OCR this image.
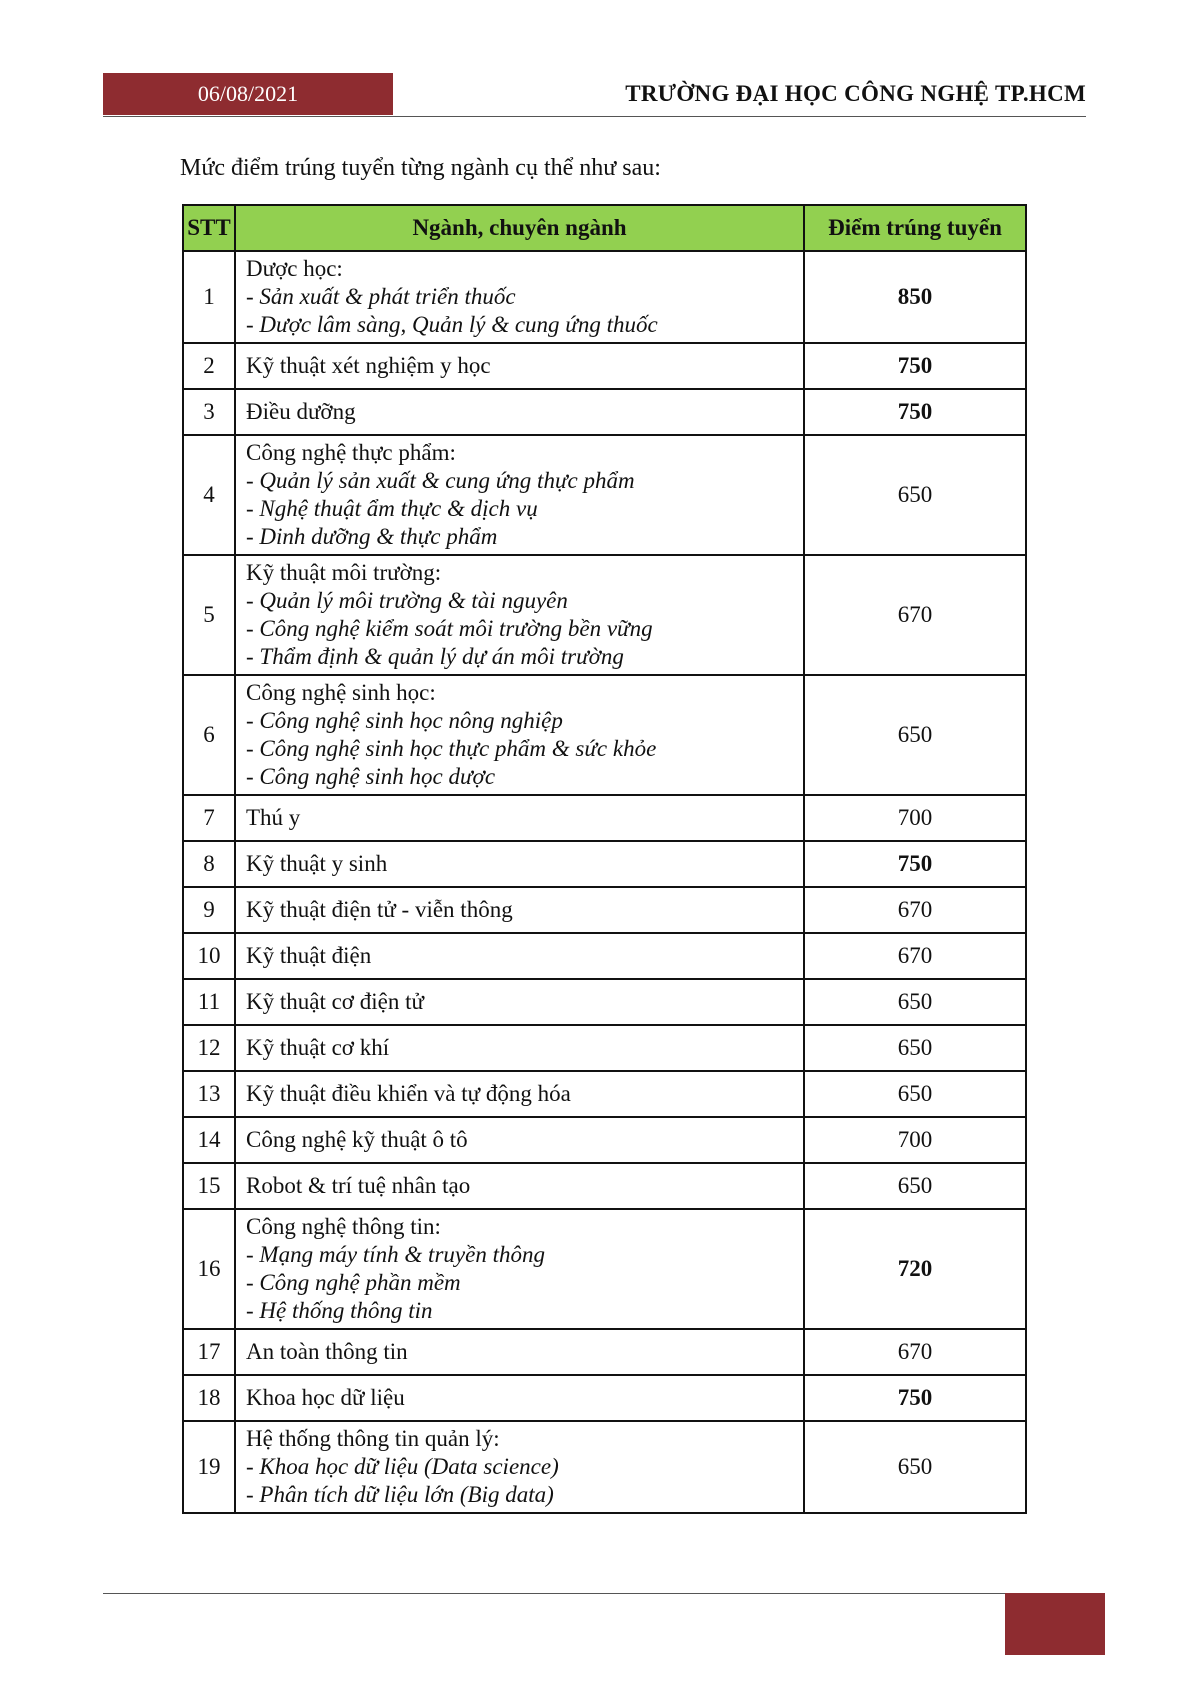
06/08/2021	TRƯỜNG ĐẠI HỌC CÔNG NGHỆ TP.HCM
Mức điểm trúng tuyển từng ngành cụ thể như sau:
STT	Ngành, chuyên ngành	Điểm trúng tuyển
1	Dược học:
- Sản xuất & phát triển thuốc
- Dược lâm sàng, Quản lý & cung ứng thuốc	850
2	Kỹ thuật xét nghiệm y học	750
3	Điều dưỡng	750
4	Công nghệ thực phẩm:
- Quản lý sản xuất & cung ứng thực phẩm
- Nghệ thuật ẩm thực & dịch vụ
- Dinh dưỡng & thực phẩm	650
5	Kỹ thuật môi trường:
- Quản lý môi trường & tài nguyên
- Công nghệ kiểm soát môi trường bền vững
- Thẩm định & quản lý dự án môi trường	670
6	Công nghệ sinh học:
- Công nghệ sinh học nông nghiệp
- Công nghệ sinh học thực phẩm & sức khỏe
- Công nghệ sinh học dược	650
7	Thú y	700
8	Kỹ thuật y sinh	750
9	Kỹ thuật điện tử - viễn thông	670
10	Kỹ thuật điện	670
11	Kỹ thuật cơ điện tử	650
12	Kỹ thuật cơ khí	650
13	Kỹ thuật điều khiển và tự động hóa	650
14	Công nghệ kỹ thuật ô tô	700
15	Robot & trí tuệ nhân tạo	650
16	Công nghệ thông tin:
- Mạng máy tính & truyền thông
- Công nghệ phần mềm
- Hệ thống thông tin	720
17	An toàn thông tin	670
18	Khoa học dữ liệu	750
19	Hệ thống thông tin quản lý:
- Khoa học dữ liệu (Data science)
- Phân tích dữ liệu lớn (Big data)	650
